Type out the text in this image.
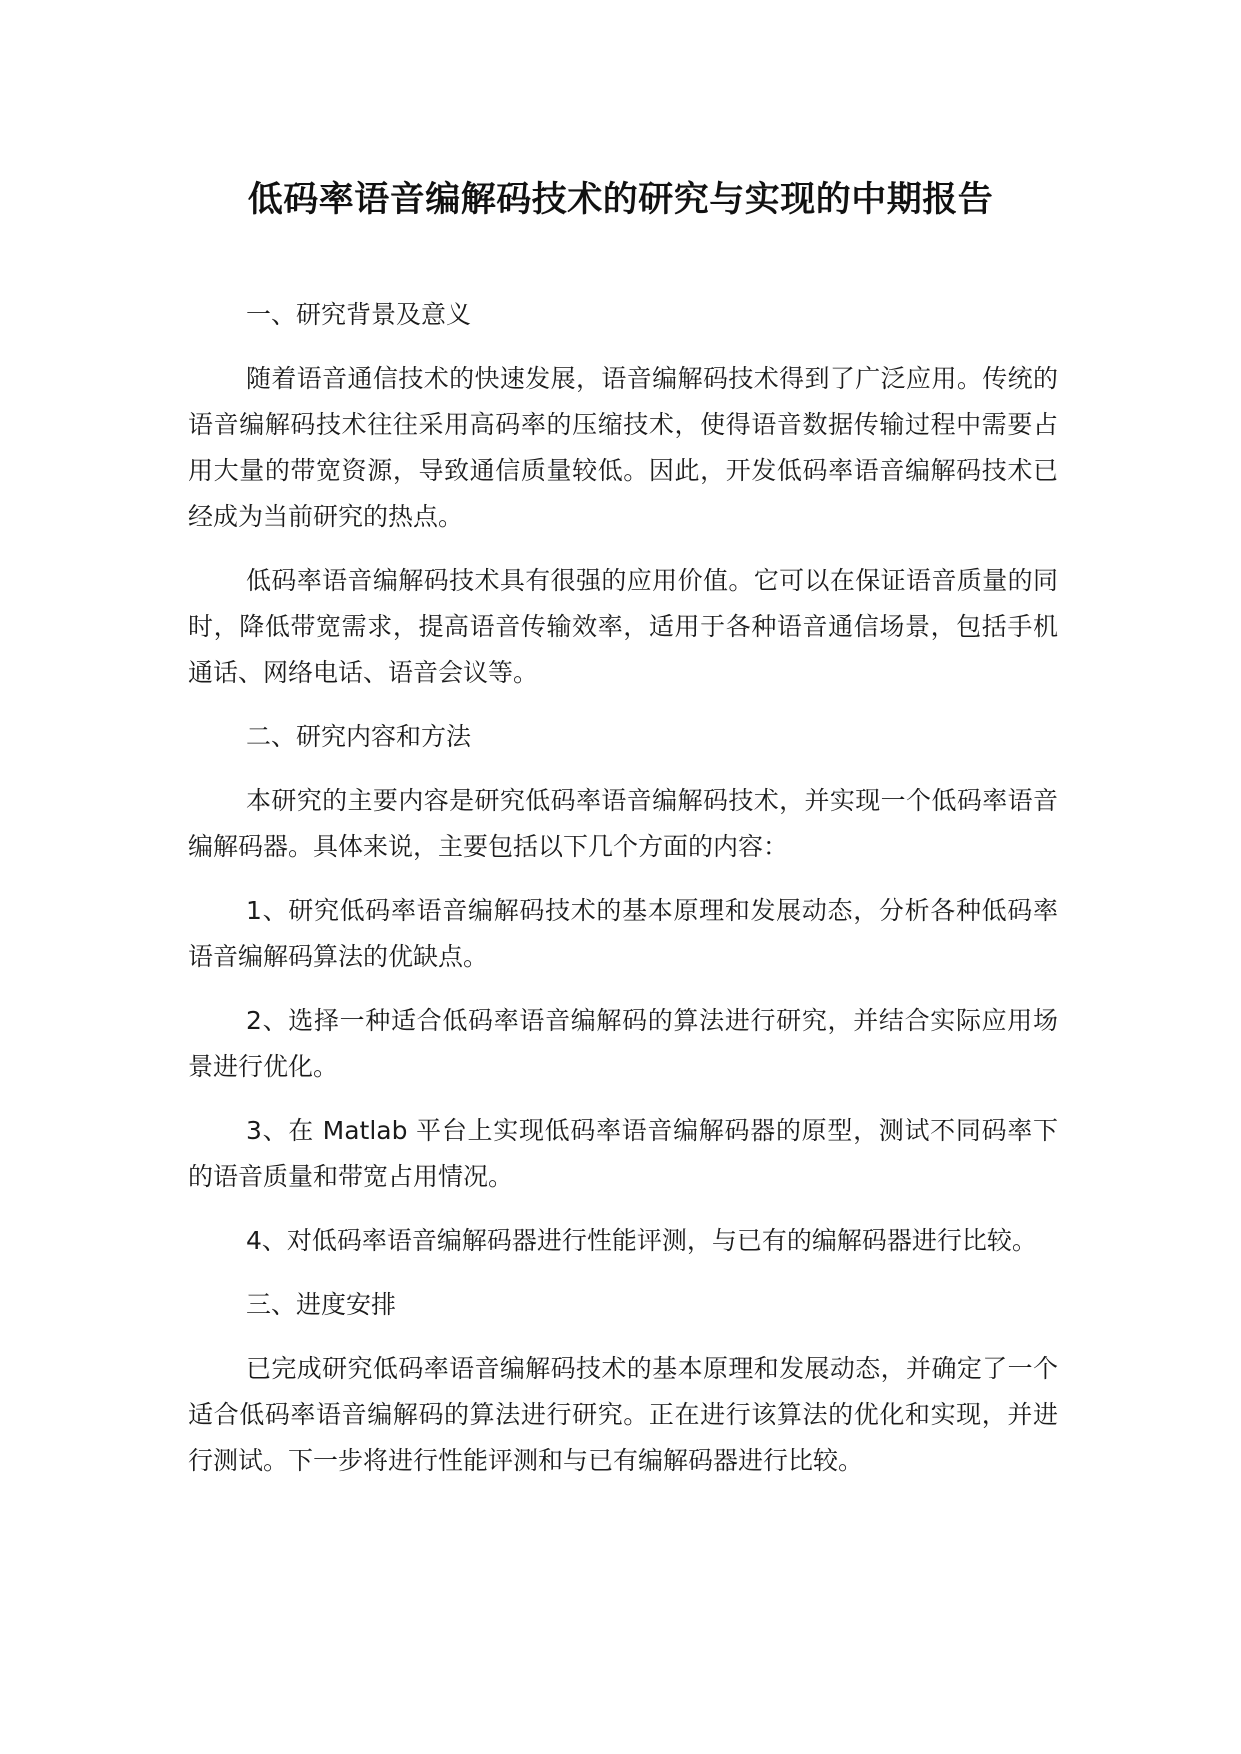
低码率语音编解码技术的研究与实现的中期报告

一、研究背景及意义

随着语音通信技术的快速发展，语音编解码技术得到了广泛应用。传统的语音编解码技术往往采用高码率的压缩技术，使得语音数据传输过程中需要占用大量的带宽资源，导致通信质量较低。因此，开发低码率语音编解码技术已经成为当前研究的热点。

低码率语音编解码技术具有很强的应用价值。它可以在保证语音质量的同时，降低带宽需求，提高语音传输效率，适用于各种语音通信场景，包括手机通话、网络电话、语音会议等。

二、研究内容和方法

本研究的主要内容是研究低码率语音编解码技术，并实现一个低码率语音编解码器。具体来说，主要包括以下几个方面的内容：

1、研究低码率语音编解码技术的基本原理和发展动态，分析各种低码率语音编解码算法的优缺点。

2、选择一种适合低码率语音编解码的算法进行研究，并结合实际应用场景进行优化。

3、在 Matlab 平台上实现低码率语音编解码器的原型，测试不同码率下的语音质量和带宽占用情况。

4、对低码率语音编解码器进行性能评测，与已有的编解码器进行比较。

三、进度安排

已完成研究低码率语音编解码技术的基本原理和发展动态，并确定了一个适合低码率语音编解码的算法进行研究。正在进行该算法的优化和实现，并进行测试。下一步将进行性能评测和与已有编解码器进行比较。
